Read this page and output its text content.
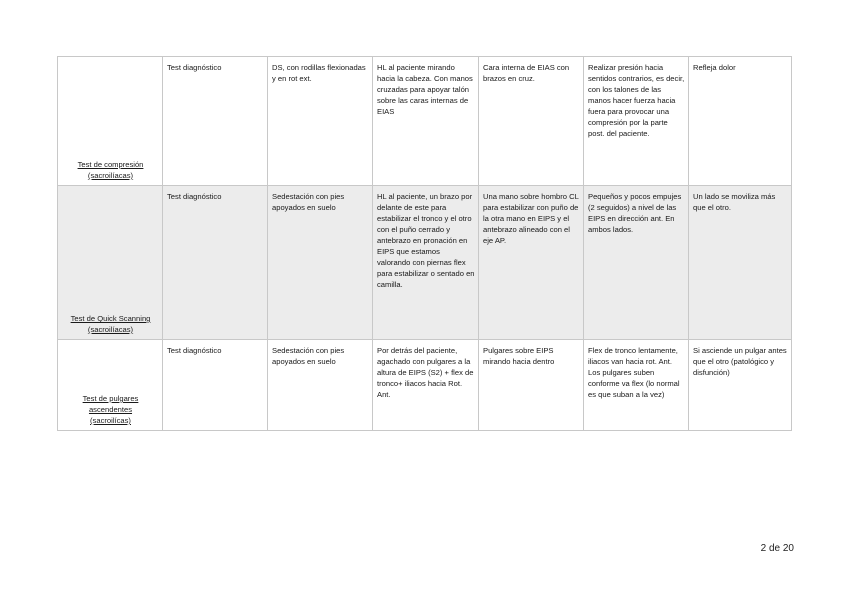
Test de compresión
(sacroilíacas)	Test diagnóstico	DS, con rodillas flexionadas y en rot ext.	HL al paciente mirando hacia la cabeza. Con manos cruzadas para apoyar talón sobre las caras internas de EIAS	Cara interna de EIAS con brazos en cruz.	Realizar presión hacia sentidos contrarios, es decir, con los talones de las manos hacer fuerza hacia fuera para provocar una compresión por la parte post. del paciente.	Refleja dolor
Test de Quick Scanning
(sacroilíacas)	Test diagnóstico	Sedestación con pies apoyados en suelo	HL al paciente, un brazo por delante de este para estabilizar el tronco y el otro con el puño cerrado y antebrazo en pronación en EIPS que estamos valorando con piernas flex para estabilizar o sentado en camilla.	Una mano sobre hombro CL para estabilizar con puño de la otra mano en EIPS y el antebrazo alineado con el eje AP.	Pequeños y pocos empujes (2 seguidos) a nivel de las EIPS en dirección ant. En ambos lados.	Un lado se moviliza más que el otro.
Test de pulgares ascendentes
(sacroilícas)	Test diagnóstico	Sedestación con pies apoyados en suelo	Por detrás del paciente, agachado con pulgares a la altura de EIPS (S2) + flex de tronco+ iliacos hacia Rot. Ant.	Pulgares sobre EIPS mirando hacia dentro	Flex de tronco lentamente, iliacos van hacia rot. Ant. Los pulgares suben conforme va flex (lo normal es que suban a la vez)	Si asciende un pulgar antes que el otro (patológico y disfunción)
2 de 20
